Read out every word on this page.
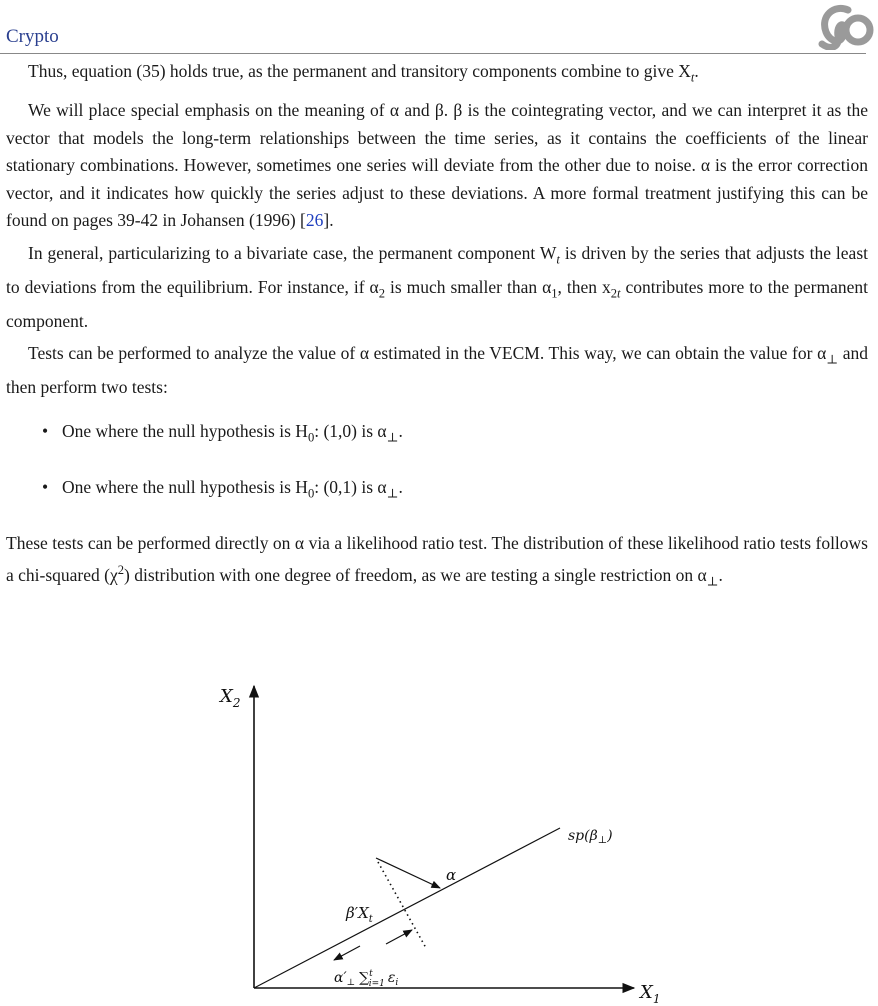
Crypto

Thus, equation (35) holds true, as the permanent and transitory components combine to give $X_t$.

We will place special emphasis on the meaning of α and β. β is the cointegrating vector, and we can interpret it as the vector that models the long-term relationships between the time series, as it contains the coefficients of the linear stationary combinations. However, sometimes one series will deviate from the other due to noise. α is the error correction vector, and it indicates how quickly the series adjust to these deviations. A more formal treatment justifying this can be found on pages 39-42 in Johansen (1996) [26].

In general, particularizing to a bivariate case, the permanent component $W_t$ is driven by the series that adjusts the least to deviations from the equilibrium. For instance, if $\alpha_2$ is much smaller than $\alpha_1$, then $x_{2t}$ contributes more to the permanent component.

Tests can be performed to analyze the value of α estimated in the VECM. This way, we can obtain the value for $\alpha_\perp$ and then perform two tests:

• One where the null hypothesis is $H_0$: (1,0) is $\alpha_\perp$.
• One where the null hypothesis is $H_0$: (0,1) is $\alpha_\perp$.

These tests can be performed directly on α via a likelihood ratio test. The distribution of these likelihood ratio tests follows a chi-squared $(\chi^2)$ distribution with one degree of freedom, as we are testing a single restriction on $\alpha_\perp$.

$X_2$
$X_1$
$sp(\beta_\perp)$
α
$\beta'X_t$
$\alpha'_\perp$ ∑$^t$ i=1 $\varepsilon_i$
